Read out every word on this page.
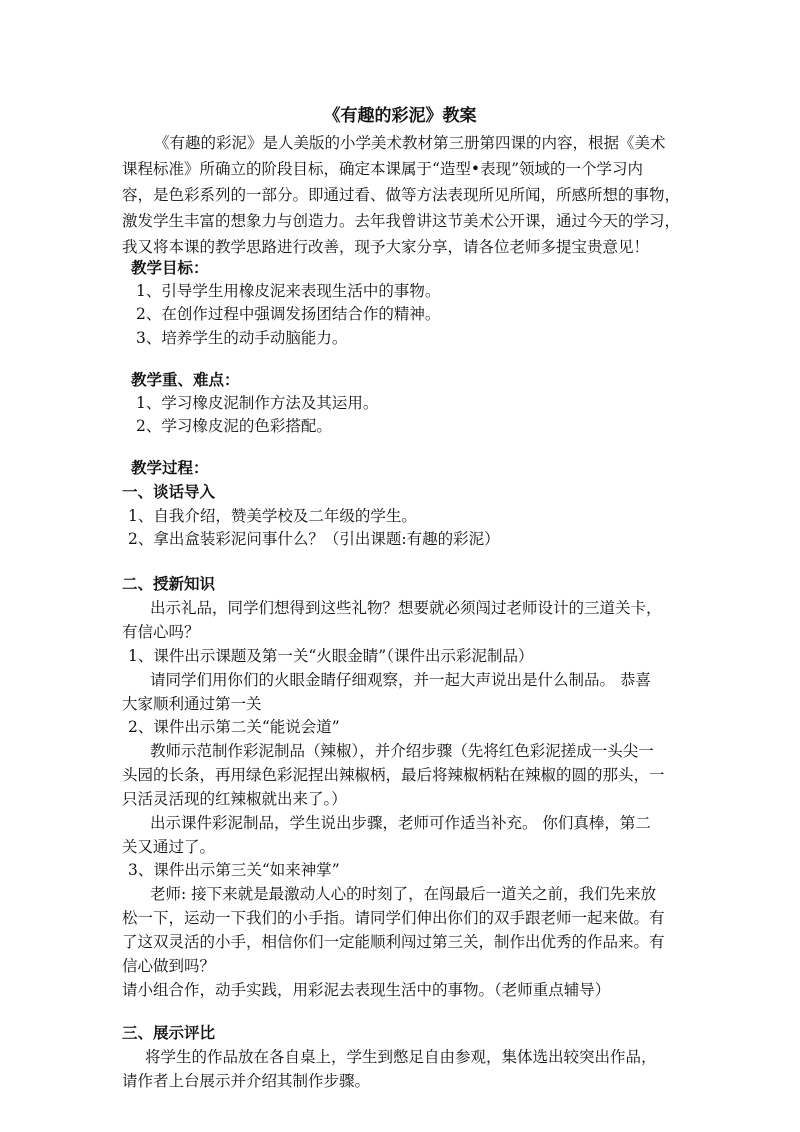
《有趣的彩泥》教案
《有趣的彩泥》是人美版的小学美术教材第三册第四课的内容，根据《美术
课程标准》所确立的阶段目标，确定本课属于“造型•表现”领域的一个学习内
容，是色彩系列的一部分。即通过看、做等方法表现所见所闻，所感所想的事物，
激发学生丰富的想象力与创造力。去年我曾讲这节美术公开课，通过今天的学习，
我又将本课的教学思路进行改善，现予大家分享，请各位老师多提宝贵意见！
教学目标：
1、引导学生用橡皮泥来表现生活中的事物。
2、在创作过程中强调发扬团结合作的精神。
3、培养学生的动手动脑能力。
教学重、难点：
1、学习橡皮泥制作方法及其运用。
2、学习橡皮泥的色彩搭配。
教学过程：
一、谈话导入
1、自我介绍，赞美学校及二年级的学生。
2、拿出盒装彩泥问事什么？（引出课题:有趣的彩泥）
二、授新知识
出示礼品，同学们想得到这些礼物？想要就必须闯过老师设计的三道关卡，
有信心吗？
1、课件出示课题及第一关“火眼金睛”（课件出示彩泥制品）
请同学们用你们的火眼金睛仔细观察，并一起大声说出是什么制品。 恭喜
大家顺利通过第一关
2、课件出示第二关“能说会道”
教师示范制作彩泥制品（辣椒），并介绍步骤（先将红色彩泥搓成一头尖一
头园的长条，再用绿色彩泥捏出辣椒柄，最后将辣椒柄粘在辣椒的圆的那头，一
只活灵活现的红辣椒就出来了。）
出示课件彩泥制品，学生说出步骤，老师可作适当补充。 你们真棒，第二
关又通过了。
3、课件出示第三关“如来神掌”
老师: 接下来就是最激动人心的时刻了，在闯最后一道关之前，我们先来放
松一下，运动一下我们的小手指。请同学们伸出你们的双手跟老师一起来做。有
了这双灵活的小手，相信你们一定能顺利闯过第三关，制作出优秀的作品来。有
信心做到吗？
请小组合作，动手实践，用彩泥去表现生活中的事物。（老师重点辅导）
三、展示评比
将学生的作品放在各自桌上，学生到憋足自由参观，集体选出较突出作品，
请作者上台展示并介绍其制作步骤。
